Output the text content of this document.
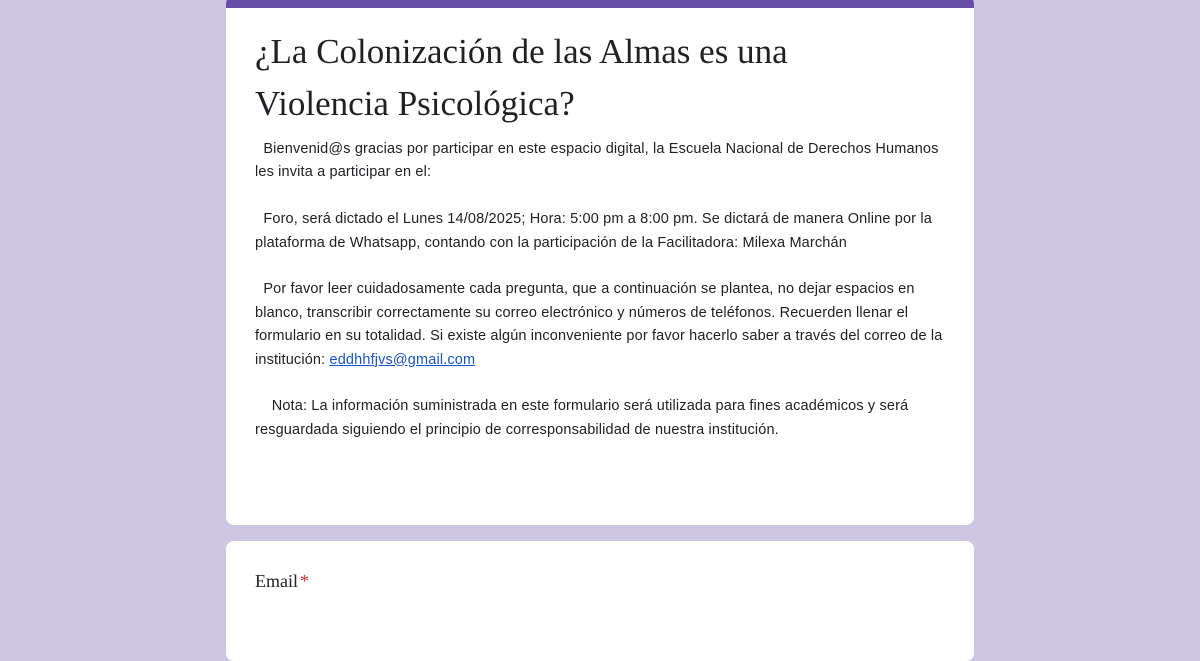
¿La Colonización de las Almas es una
Violencia Psicológica?

Bienvenid@s gracias por participar en este espacio digital, la Escuela Nacional de Derechos Humanos les invita a participar en el:

Foro, será dictado el Lunes 14/08/2025; Hora: 5:00 pm a 8:00 pm. Se dictará de manera Online por la plataforma de Whatsapp, contando con la participación de la Facilitadora: Milexa Marchán

Por favor leer cuidadosamente cada pregunta, que a continuación se plantea, no dejar espacios en blanco, transcribir correctamente su correo electrónico y números de teléfonos. Recuerden llenar el formulario en su totalidad. Si existe algún inconveniente por favor hacerlo saber a través del correo de la institución: eddhhfjvs@gmail.com

Nota: La información suministrada en este formulario será utilizada para fines académicos y será resguardada siguiendo el principio de corresponsabilidad de nuestra institución.

Email *
